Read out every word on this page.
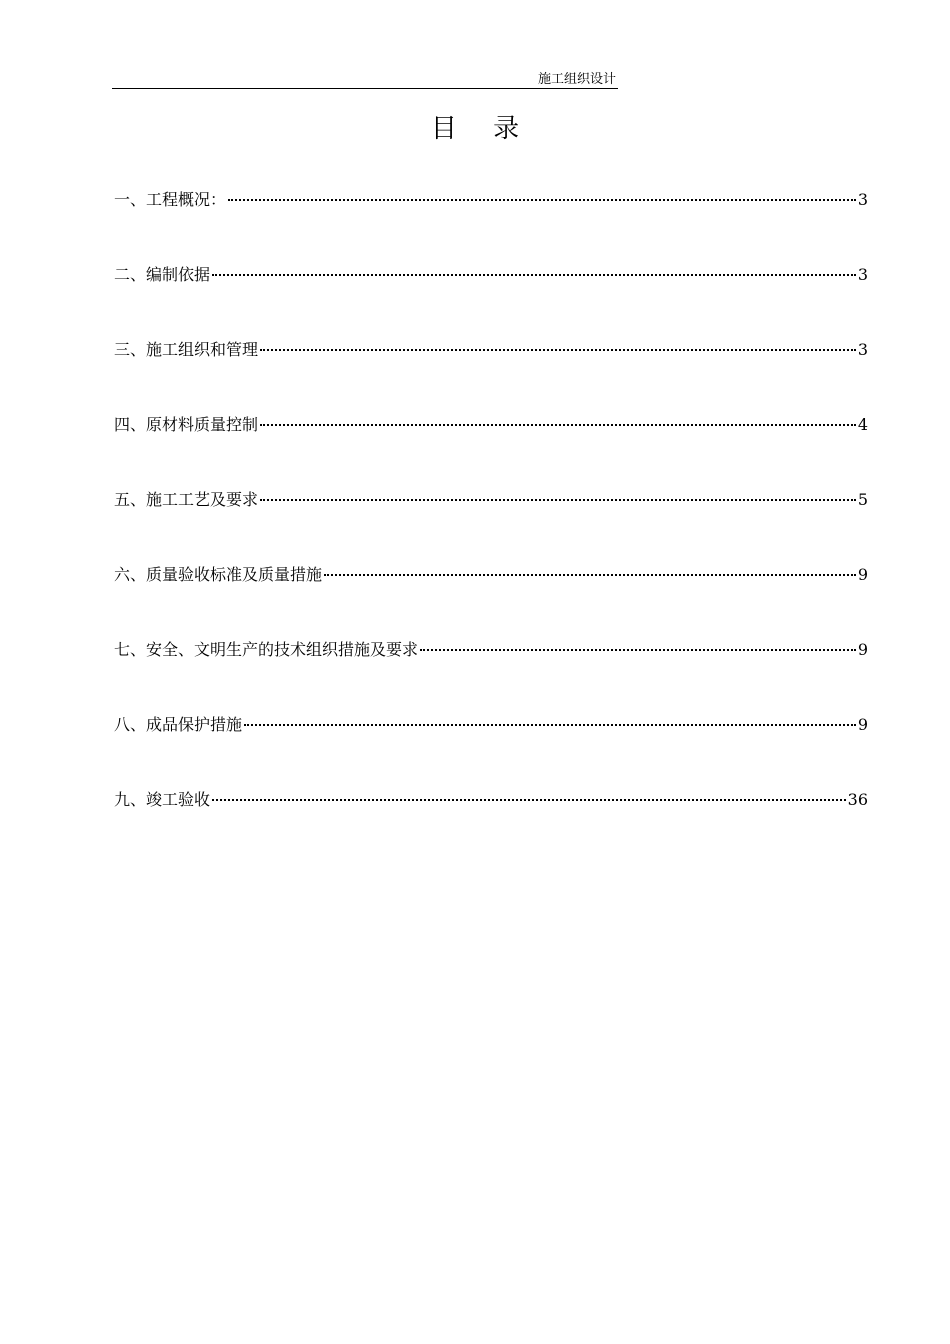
施工组织设计
目 录
一、工程概况：	3
二、编制依据	3
三、施工组织和管理	3
四、原材料质量控制	4
五、施工工艺及要求	5
六、质量验收标准及质量措施	9
七、安全、文明生产的技术组织措施及要求	9
八、成品保护措施	9
九、竣工验收	36
